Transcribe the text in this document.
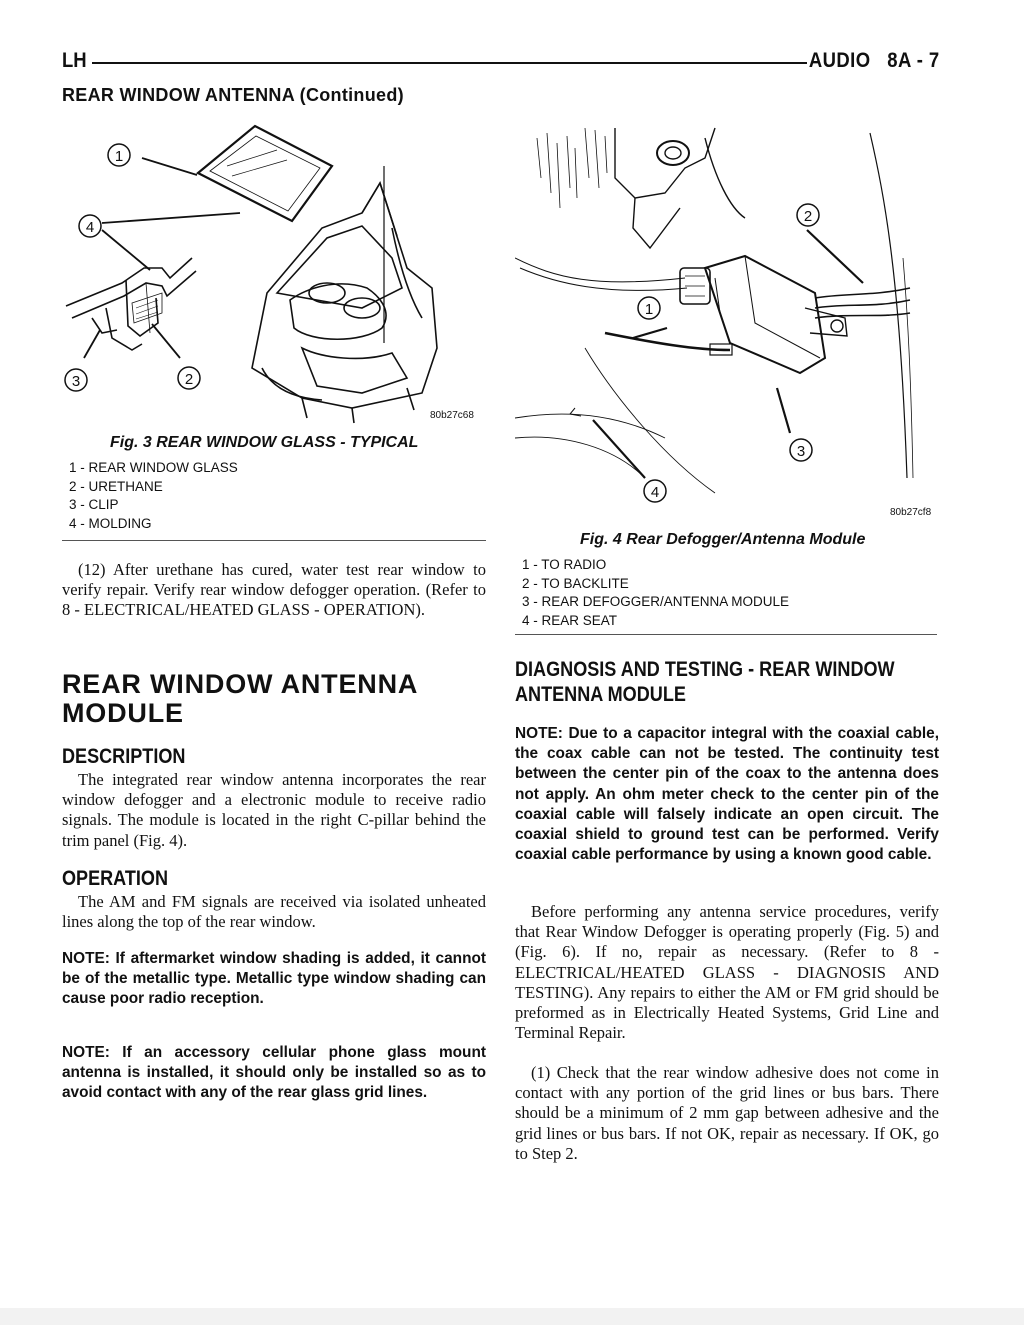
LH	AUDIO   8A - 7
REAR WINDOW ANTENNA (Continued)
1
4
3	2
80b27c68
Fig. 3 REAR WINDOW GLASS - TYPICAL
1 - REAR WINDOW GLASS
2 - URETHANE
3 - CLIP
4 - MOLDING
2
1
3
4
80b27cf8
Fig. 4 Rear Defogger/Antenna Module
1 - TO RADIO
2 - TO BACKLITE
3 - REAR DEFOGGER/ANTENNA MODULE
4 - REAR SEAT

(12) After urethane has cured, water test rear window to verify repair. Verify rear window defogger operation. (Refer to 8 - ELECTRICAL/HEATED GLASS - OPERATION).

REAR WINDOW ANTENNA MODULE
DESCRIPTION

The integrated rear window antenna incorporates the rear window defogger and a electronic module to receive radio signals. The module is located in the right C-pillar behind the trim panel (Fig. 4).

OPERATION

The AM and FM signals are received via isolated unheated lines along the top of the rear window.

NOTE: If aftermarket window shading is added, it cannot be of the metallic type. Metallic type window shading can cause poor radio reception.

NOTE: If an accessory cellular phone glass mount antenna is installed, it should only be installed so as to avoid contact with any of the rear glass grid lines.

DIAGNOSIS AND TESTING - REAR WINDOW ANTENNA MODULE

NOTE: Due to a capacitor integral with the coaxial cable, the coax cable can not be tested. The continuity test between the center pin of the coax to the antenna does not apply. An ohm meter check to the center pin of the coaxial cable will falsely indicate an open circuit. The coaxial shield to ground test can be performed. Verify coaxial cable performance by using a known good cable.

Before performing any antenna service procedures, verify that Rear Window Defogger is operating properly (Fig. 5) and (Fig. 6). If no, repair as necessary. (Refer to 8 - ELECTRICAL/HEATED GLASS - DIAGNOSIS AND TESTING). Any repairs to either the AM or FM grid should be preformed as in Electrically Heated Systems, Grid Line and Terminal Repair.

(1) Check that the rear window adhesive does not come in contact with any portion of the grid lines or bus bars. There should be a minimum of 2 mm gap between adhesive and the grid lines or bus bars. If not OK, repair as necessary. If OK, go to Step 2.
